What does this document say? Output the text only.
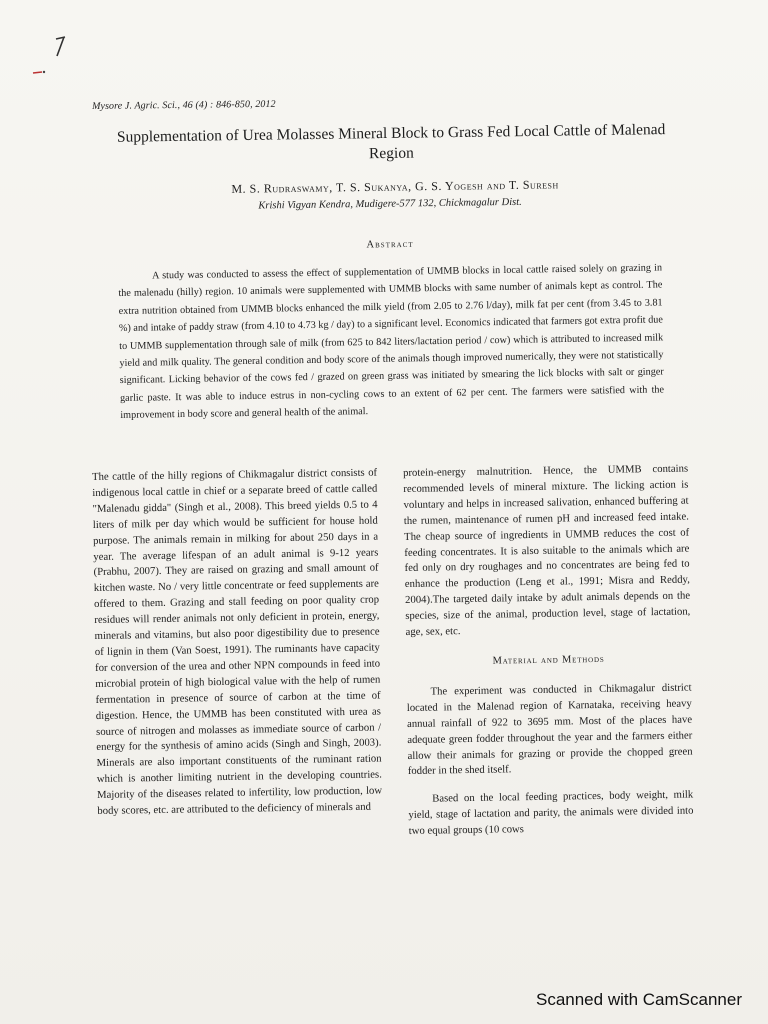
Mysore J. Agric. Sci., 46 (4) : 846-850, 2012
Supplementation of Urea Molasses Mineral Block to Grass Fed Local Cattle of Malenad Region
M. S. Rudraswamy, T. S. Sukanya, G. S. Yogesh and T. Suresh
Krishi Vigyan Kendra, Mudigere-577 132, Chickmagalur Dist.
Abstract
A study was conducted to assess the effect of supplementation of UMMB blocks in local cattle raised solely on grazing in the malenadu (hilly) region. 10 animals were supplemented with UMMB blocks with same number of animals kept as control. The extra nutrition obtained from UMMB blocks enhanced the milk yield (from 2.05 to 2.76 l/day), milk fat per cent (from 3.45 to 3.81 %) and intake of paddy straw (from 4.10 to 4.73 kg / day) to a significant level. Economics indicated that farmers got extra profit due to UMMB supplementation through sale of milk (from 625 to 842 liters/lactation period / cow) which is attributed to increased milk yield and milk quality. The general condition and body score of the animals though improved numerically, they were not statistically significant. Licking behavior of the cows fed / grazed on green grass was initiated by smearing the lick blocks with salt or ginger garlic paste. It was able to induce estrus in non-cycling cows to an extent of 62 per cent. The farmers were satisfied with the improvement in body score and general health of the animal.

The cattle of the hilly regions of Chikmagalur district consists of indigenous local cattle in chief or a separate breed of cattle called "Malenadu gidda" (Singh et al., 2008). This breed yields 0.5 to 4 liters of milk per day which would be sufficient for house hold purpose. The animals remain in milking for about 250 days in a year. The average lifespan of an adult animal is 9-12 years (Prabhu, 2007). They are raised on grazing and small amount of kitchen waste. No / very little concentrate or feed supplements are offered to them. Grazing and stall feeding on poor quality crop residues will render animals not only deficient in protein, energy, minerals and vitamins, but also poor digestibility due to presence of lignin in them (Van Soest, 1991). The ruminants have capacity for conversion of the urea and other NPN compounds in feed into microbial protein of high biological value with the help of rumen fermentation in presence of source of carbon at the time of digestion. Hence, the UMMB has been constituted with urea as source of nitrogen and molasses as immediate source of carbon / energy for the synthesis of amino acids (Singh and Singh, 2003). Minerals are also important constituents of the ruminant ration which is another limiting nutrient in the developing countries. Majority of the diseases related to infertility, low production, low body scores, etc. are attributed to the deficiency of minerals and

protein-energy malnutrition. Hence, the UMMB contains recommended levels of mineral mixture. The licking action is voluntary and helps in increased salivation, enhanced buffering at the rumen, maintenance of rumen pH and increased feed intake. The cheap source of ingredients in UMMB reduces the cost of feeding concentrates. It is also suitable to the animals which are fed only on dry roughages and no concentrates are being fed to enhance the production (Leng et al., 1991; Misra and Reddy, 2004).The targeted daily intake by adult animals depends on the species, size of the animal, production level, stage of lactation, age, sex, etc.

Material and Methods

The experiment was conducted in Chikmagalur district located in the Malenad region of Karnataka, receiving heavy annual rainfall of 922 to 3695 mm. Most of the places have adequate green fodder throughout the year and the farmers either allow their animals for grazing or provide the chopped green fodder in the shed itself.

Based on the local feeding practices, body weight, milk yield, stage of lactation and parity, the animals were divided into two equal groups (10 cows

Scanned with CamScanner
